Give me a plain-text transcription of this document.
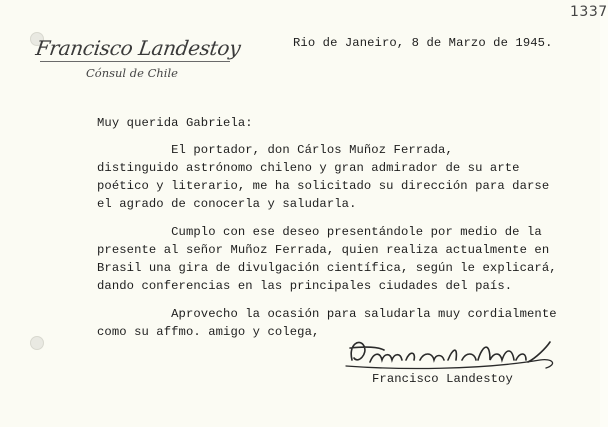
1337
Francisco Landestoy
Cónsul de Chile
Rio de Janeiro, 8 de Marzo de 1945.
Muy querida Gabriela:
El portador, don Cárlos Muñoz Ferrada,
distinguido astrónomo chileno y gran admirador de su arte
poético y literario, me ha solicitado su dirección para darse
el agrado de conocerla y saludarla.
Cumplo con ese deseo presentándole por medio de la
presente al señor Muñoz Ferrada, quien realiza actualmente en
Brasil una gira de divulgación científica, según le explicará,
dando conferencias en las principales ciudades del país.
Aprovecho la ocasión para saludarla muy cordialmente
como su affmo. amigo y colega,
Francisco Landestoy
